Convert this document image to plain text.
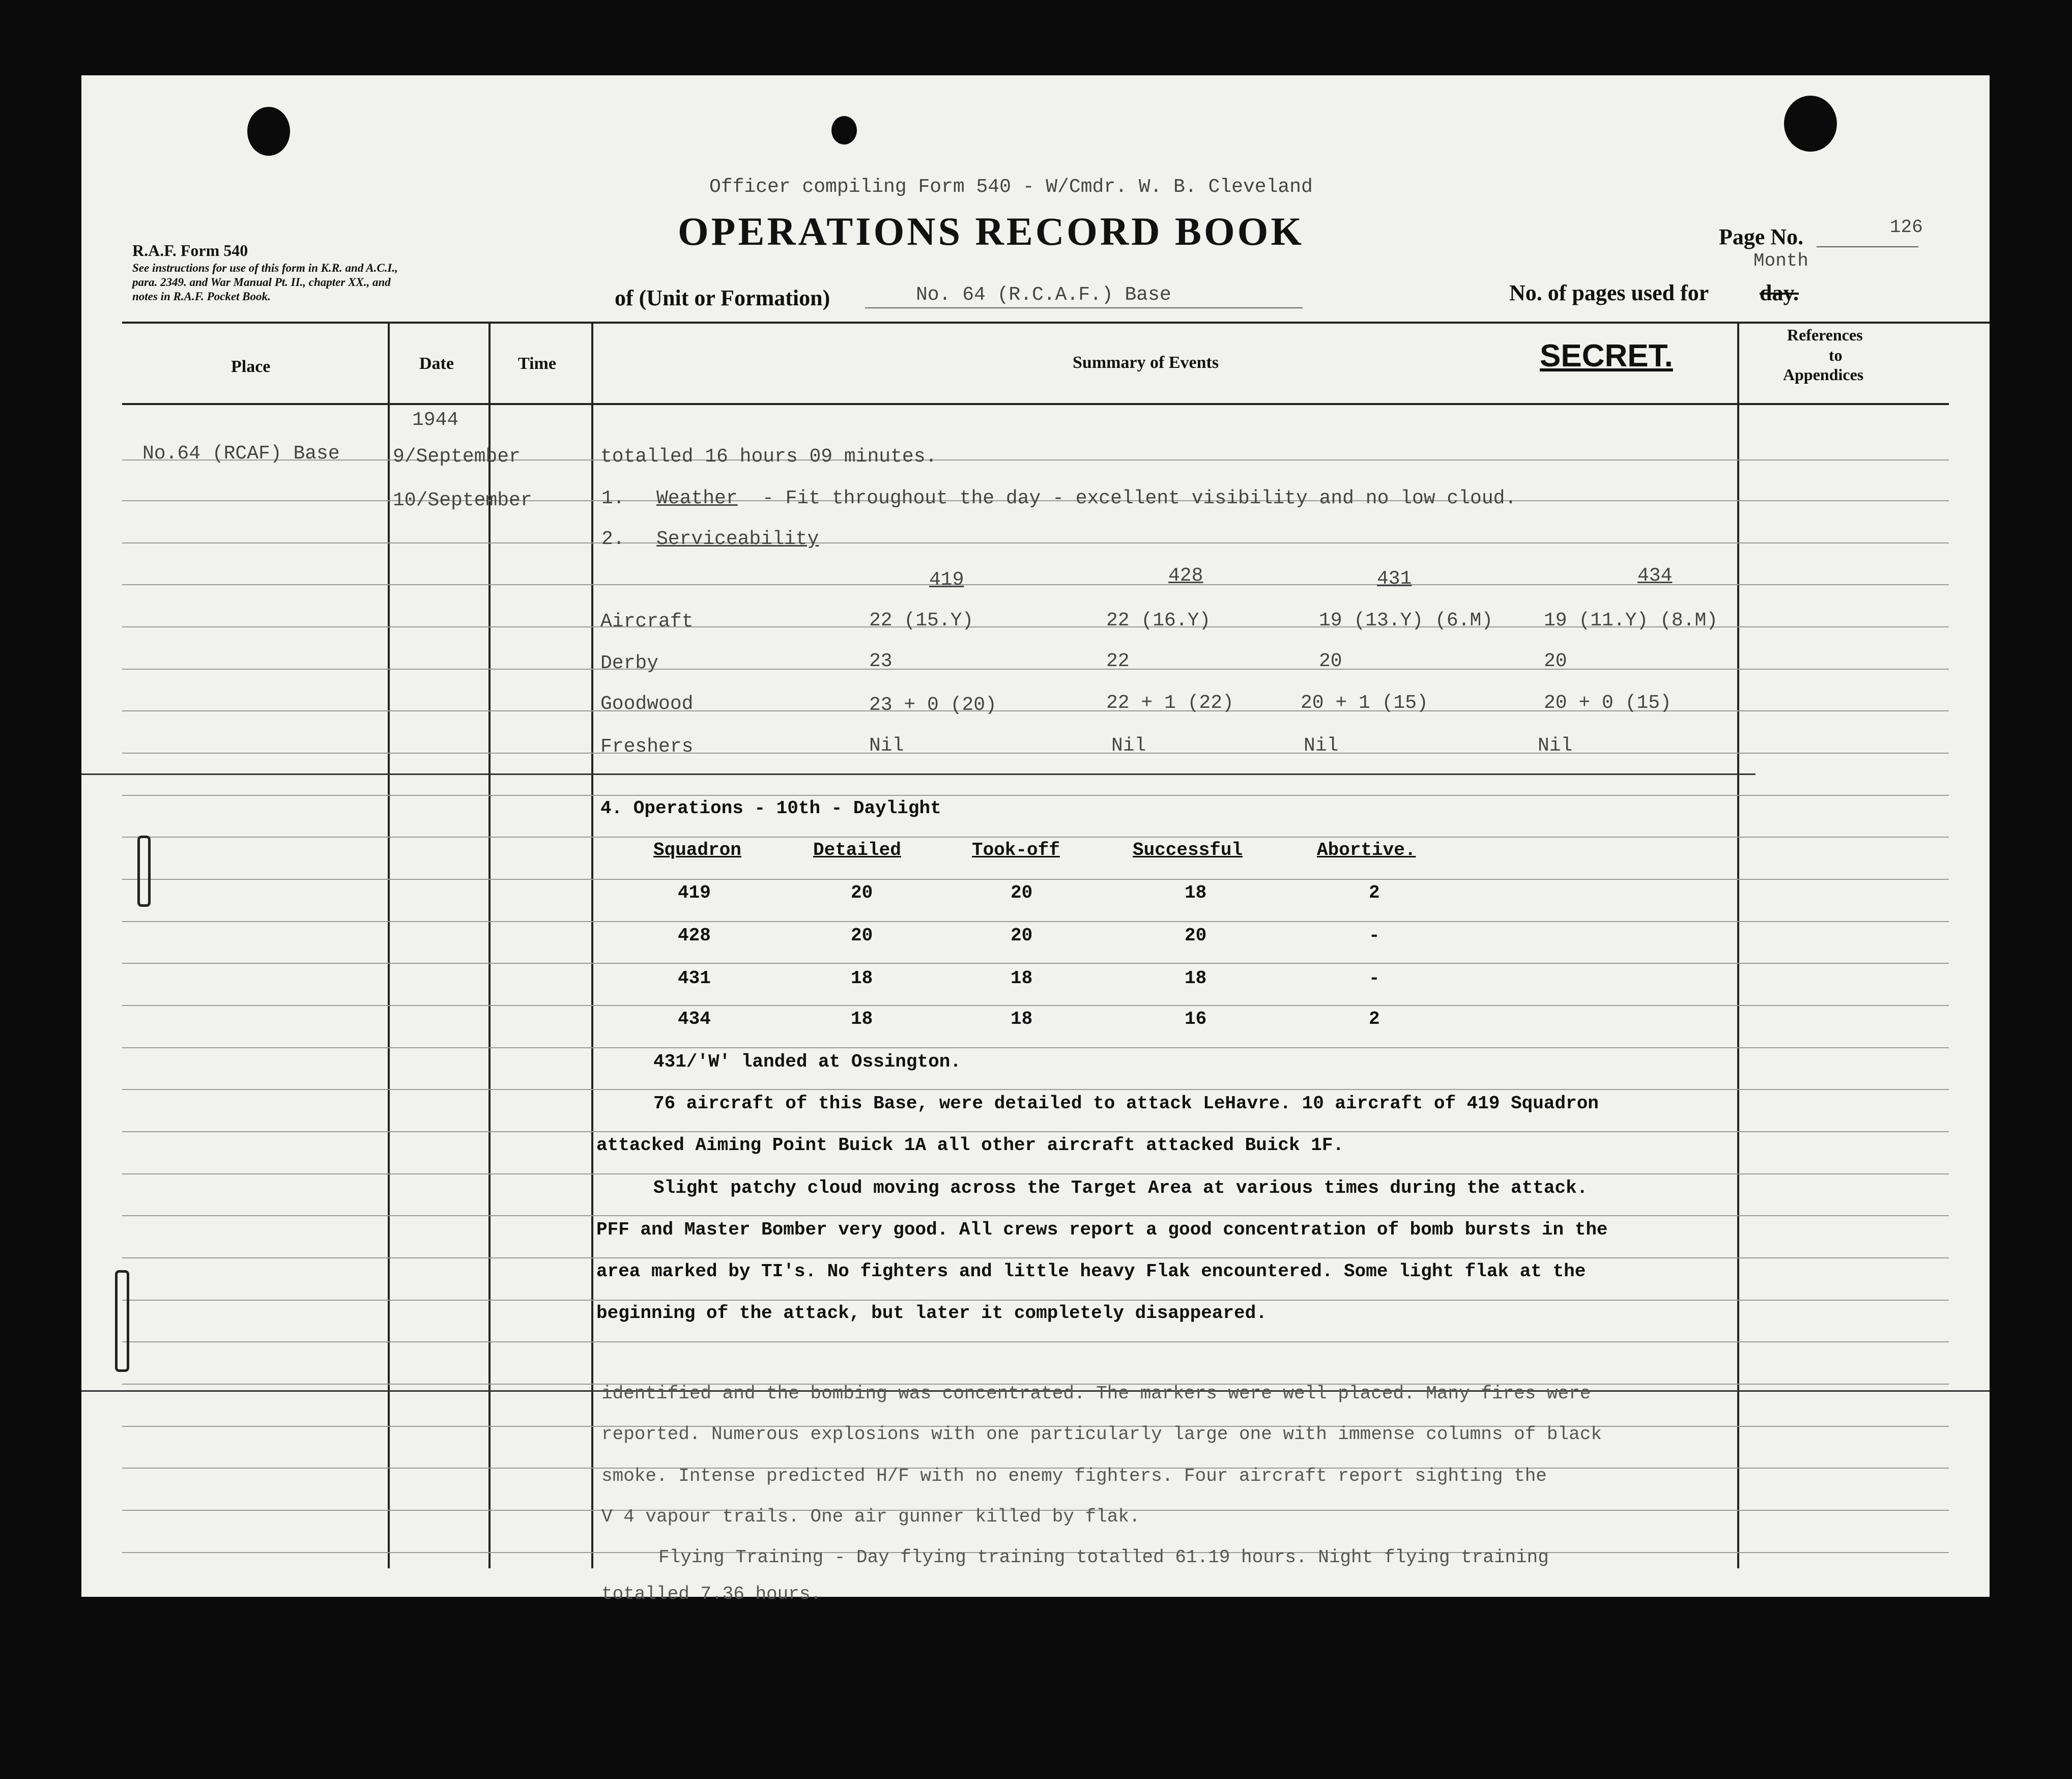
Officer compiling Form 540 - W/Cmdr. W. B. Cleveland
OPERATIONS RECORD BOOK
R.A.F. Form 540
See instructions for use of this form in K.R. and A.C.I.,
para. 2349. and War Manual Pt. II., chapter XX., and
notes in R.A.F. Pocket Book.	of (Unit or Formation)	No. 64 (R.C.A.F.) Base
Page No.	126
Month
No. of pages used for day.
Place	Date	Time	Summary of Events	SECRET.
References
to
Appendices
No.64 (RCAF) Base
1944
9/September
10/September
totalled 16 hours 09 minutes.
1. Weather - Fit throughout the day - excellent visibility and no low cloud.
2. Serviceability
419	428	431	434
Aircraft	22 (15.Y)	22 (16.Y)	19 (13.Y) (6.M)	19 (11.Y) (8.M)
Derby	23	22	20	20
Goodwood	23 + 0 (20)	22 + 1 (22)	20 + 1 (15)	20 + 0 (15)
Freshers	Nil	Nil	Nil	Nil
4. Operations - 10th - Daylight
Squadron	Detailed	Took-off	Successful	Abortive.
419	20	20	18	2
428	20	20	20	-
431	18	18	18	-
434	18	18	16	2
431/'W' landed at Ossington.
76 aircraft of this Base, were detailed to attack LeHavre. 10 aircraft of 419 Squadron
attacked Aiming Point Buick 1A all other aircraft attacked Buick 1F.
Slight patchy cloud moving across the Target Area at various times during the attack.
PFF and Master Bomber very good. All crews report a good concentration of bomb bursts in the
area marked by TI's. No fighters and little heavy Flak encountered. Some light flak at the
beginning of the attack, but later it completely disappeared.
identified and the bombing was concentrated. The markers were well placed. Many fires were
reported. Numerous explosions with one particularly large one with immense columns of black
smoke. Intense predicted H/F with no enemy fighters. Four aircraft report sighting the
V 4 vapour trails. One air gunner killed by flak.
Flying Training - Day flying training totalled 61.19 hours. Night flying training
totalled 7.36 hours.
